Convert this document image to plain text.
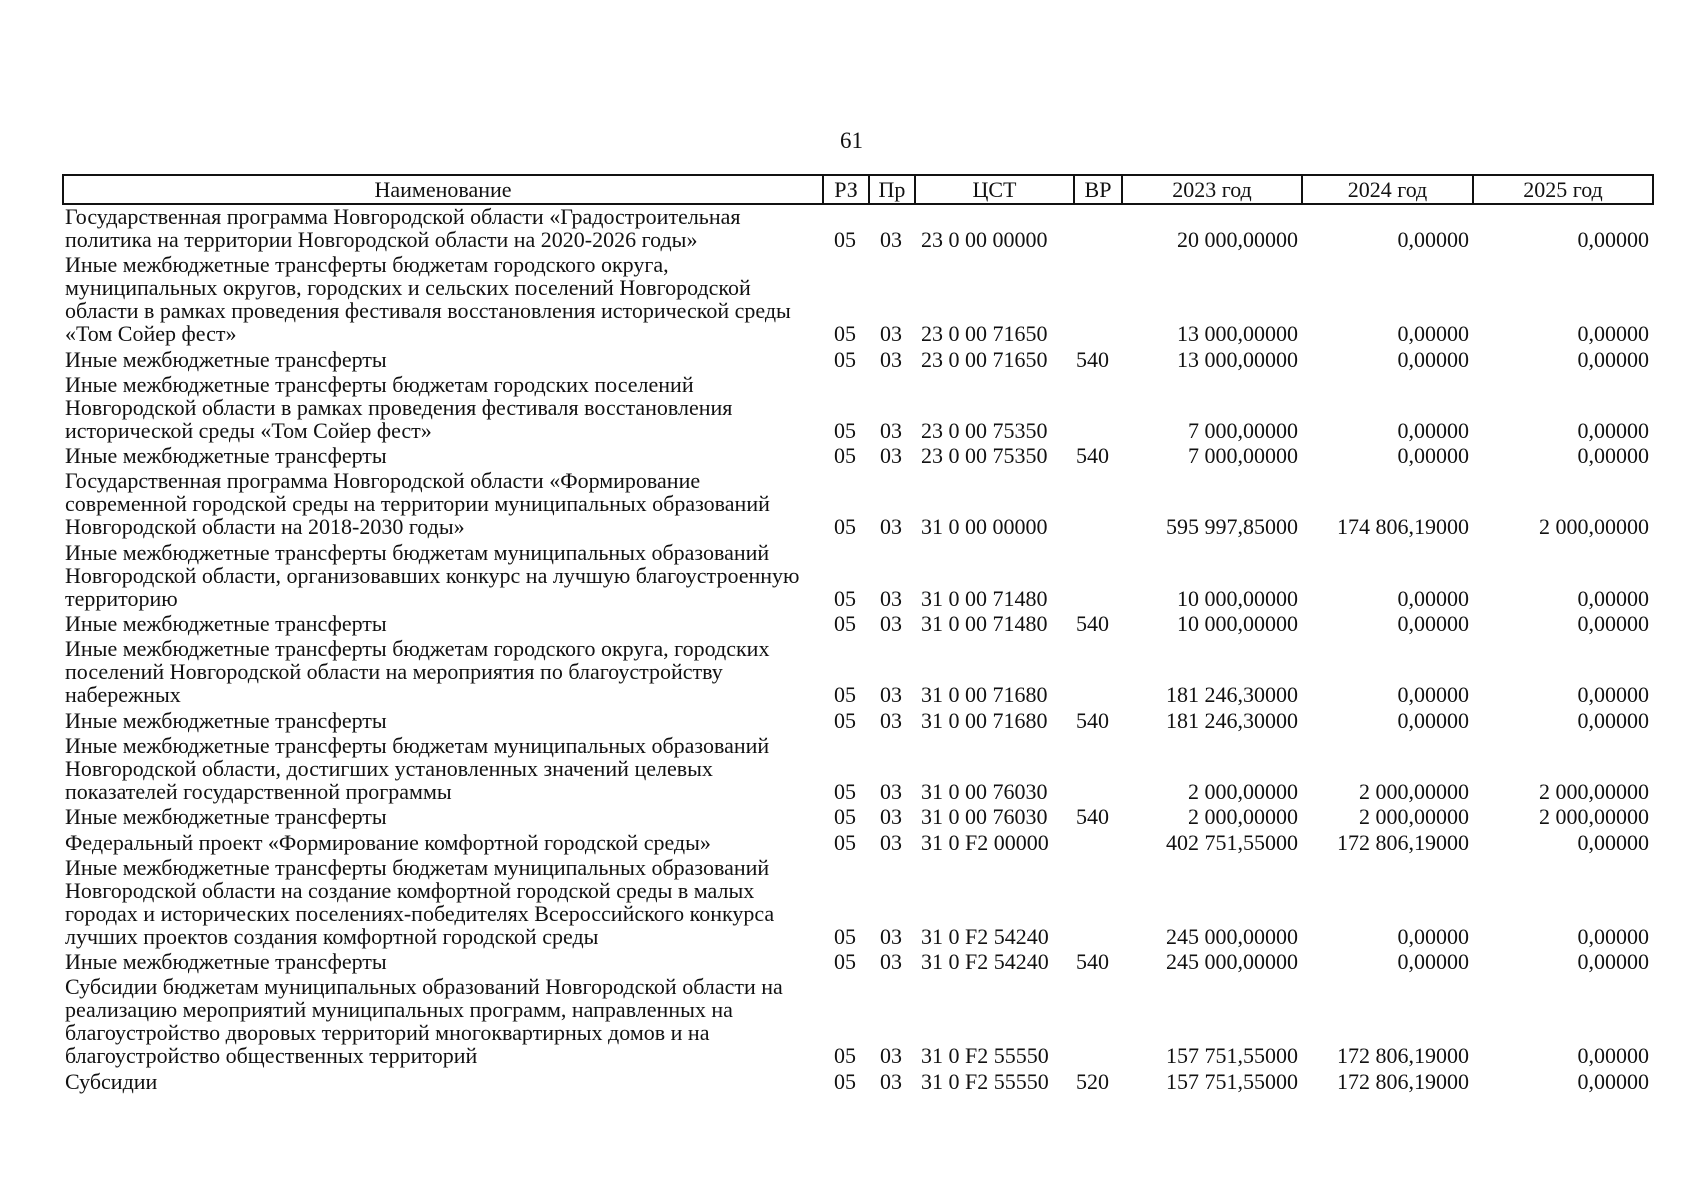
61
Наименование	РЗ	Пр	ЦСТ	ВР	2023 год	2024 год	2025 год
Государственная программа Новгородской области «Градостроительная политика на территории Новгородской области на 2020-2026 годы»	05	03	23 0 00 00000		20 000,00000	0,00000	0,00000
Иные межбюджетные трансферты бюджетам городского округа, муниципальных округов, городских и сельских поселений Новгородской области в рамках проведения фестиваля восстановления исторической среды «Том Сойер фест»	05	03	23 0 00 71650		13 000,00000	0,00000	0,00000
Иные межбюджетные трансферты	05	03	23 0 00 71650	540	13 000,00000	0,00000	0,00000
Иные межбюджетные трансферты бюджетам городских поселений Новгородской области в рамках проведения фестиваля восстановления исторической среды «Том Сойер фест»	05	03	23 0 00 75350		7 000,00000	0,00000	0,00000
Иные межбюджетные трансферты	05	03	23 0 00 75350	540	7 000,00000	0,00000	0,00000
Государственная программа Новгородской области «Формирование современной городской среды на территории муниципальных образований Новгородской области на 2018-2030 годы»	05	03	31 0 00 00000		595 997,85000	174 806,19000	2 000,00000
Иные межбюджетные трансферты бюджетам муниципальных образований Новгородской области, организовавших конкурс на лучшую благоустроенную территорию	05	03	31 0 00 71480		10 000,00000	0,00000	0,00000
Иные межбюджетные трансферты	05	03	31 0 00 71480	540	10 000,00000	0,00000	0,00000
Иные межбюджетные трансферты бюджетам городского округа, городских поселений Новгородской области на мероприятия по благоустройству набережных	05	03	31 0 00 71680		181 246,30000	0,00000	0,00000
Иные межбюджетные трансферты	05	03	31 0 00 71680	540	181 246,30000	0,00000	0,00000
Иные межбюджетные трансферты бюджетам муниципальных образований Новгородской области, достигших установленных значений целевых показателей государственной программы	05	03	31 0 00 76030		2 000,00000	2 000,00000	2 000,00000
Иные межбюджетные трансферты	05	03	31 0 00 76030	540	2 000,00000	2 000,00000	2 000,00000
Федеральный проект «Формирование комфортной городской среды»	05	03	31 0 F2 00000		402 751,55000	172 806,19000	0,00000
Иные межбюджетные трансферты бюджетам муниципальных образований Новгородской области на создание комфортной городской среды в малых городах и исторических поселениях-победителях Всероссийского конкурса лучших проектов создания комфортной городской среды	05	03	31 0 F2 54240		245 000,00000	0,00000	0,00000
Иные межбюджетные трансферты	05	03	31 0 F2 54240	540	245 000,00000	0,00000	0,00000
Субсидии бюджетам муниципальных образований Новгородской области на реализацию мероприятий муниципальных программ, направленных на благоустройство дворовых территорий многоквартирных домов и на благоустройство общественных территорий	05	03	31 0 F2 55550		157 751,55000	172 806,19000	0,00000
Субсидии	05	03	31 0 F2 55550	520	157 751,55000	172 806,19000	0,00000
